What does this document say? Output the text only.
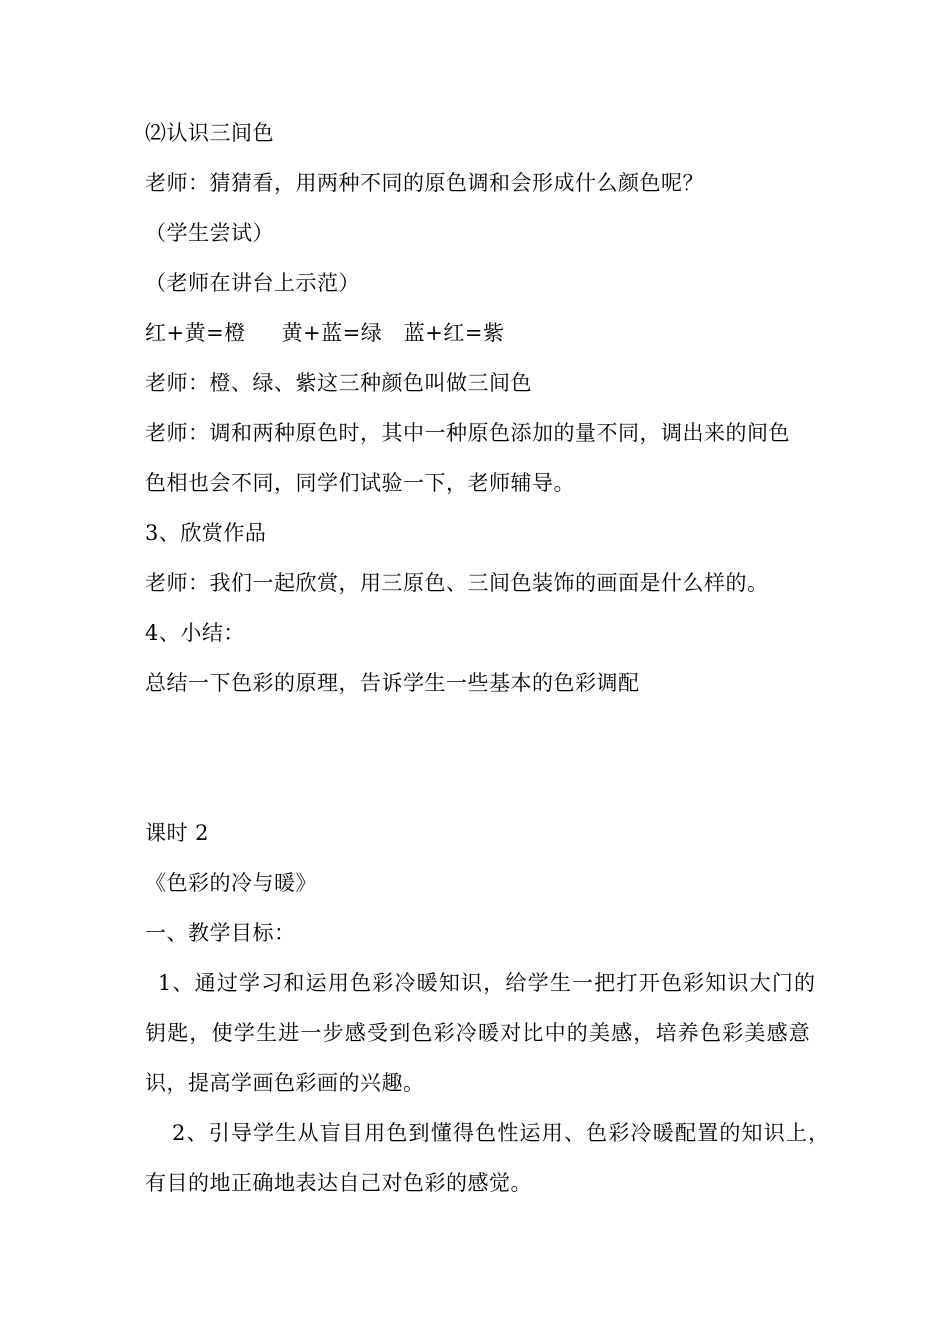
⑵认识三间色
老师：猜猜看，用两种不同的原色调和会形成什么颜色呢？
（学生尝试）
（老师在讲台上示范）
红+黄=橙     黄+蓝=绿   蓝+红=紫
老师：橙、绿、紫这三种颜色叫做三间色
老师：调和两种原色时，其中一种原色添加的量不同，调出来的间色
色相也会不同，同学们试验一下，老师辅导。
3、欣赏作品
老师：我们一起欣赏，用三原色、三间色装饰的画面是什么样的。
4、小结：
总结一下色彩的原理，告诉学生一些基本的色彩调配
课时 2
《色彩的冷与暖》
一、教学目标：
1、通过学习和运用色彩冷暖知识，给学生一把打开色彩知识大门的
钥匙，使学生进一步感受到色彩冷暖对比中的美感，培养色彩美感意
识，提高学画色彩画的兴趣。
2、引导学生从盲目用色到懂得色性运用、色彩冷暖配置的知识上，
有目的地正确地表达自己对色彩的感觉。
